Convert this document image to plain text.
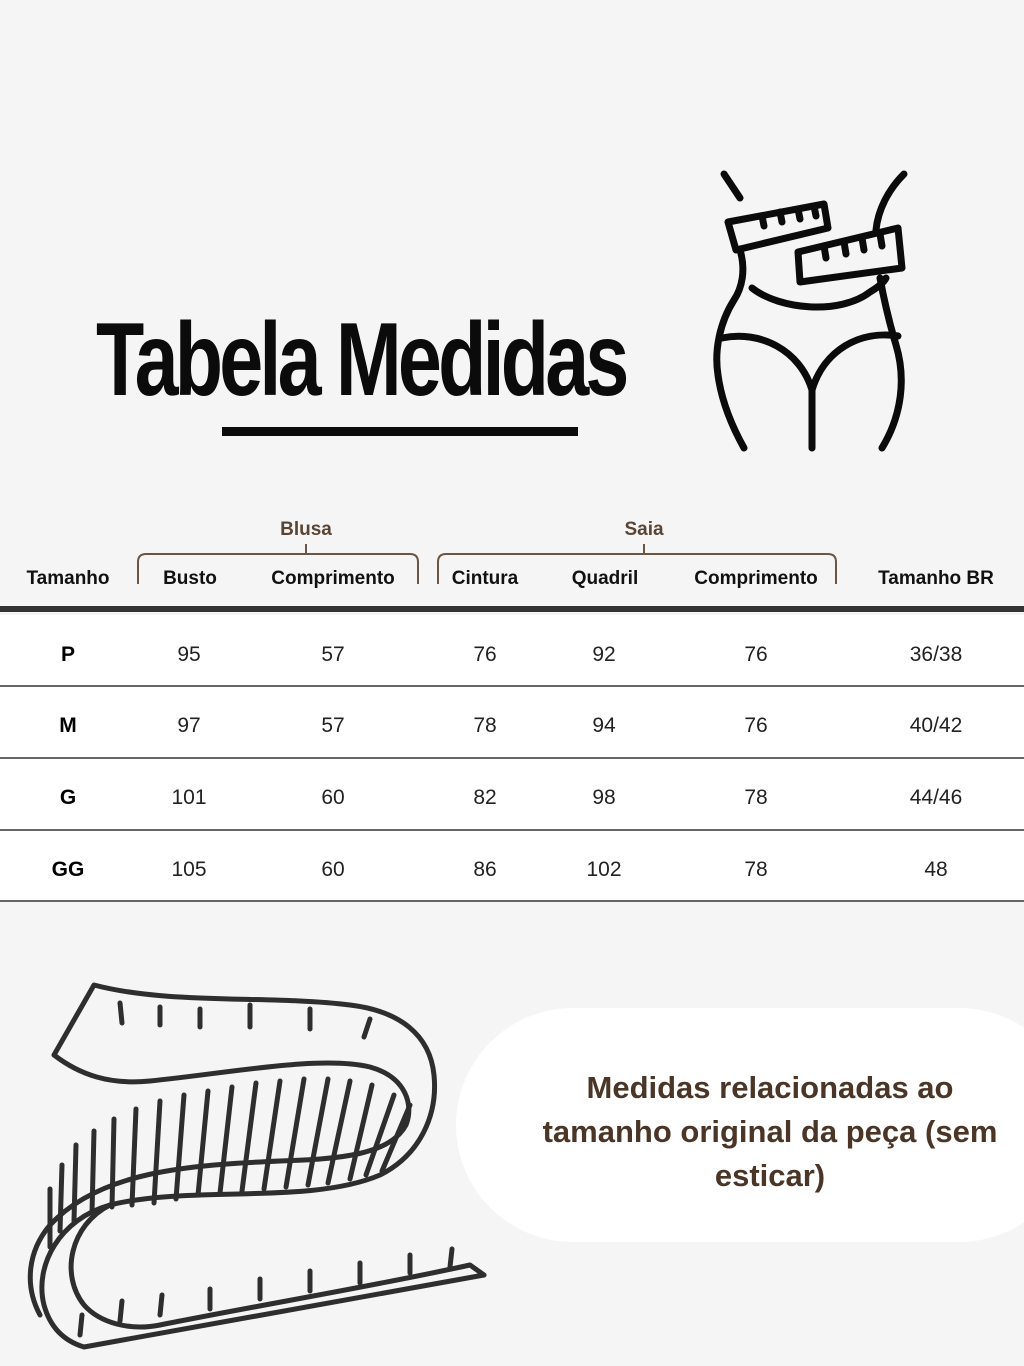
Tabela Medidas
Blusa	Saia
Tamanho	Busto	Comprimento	Cintura	Quadril	Comprimento	Tamanho BR
P	95	57	76	92	76	36/38
M	97	57	78	94	76	40/42
G	101	60	82	98	78	44/46
GG	105	60	86	102	78	48
Medidas relacionadas ao tamanho original da peça (sem esticar)
